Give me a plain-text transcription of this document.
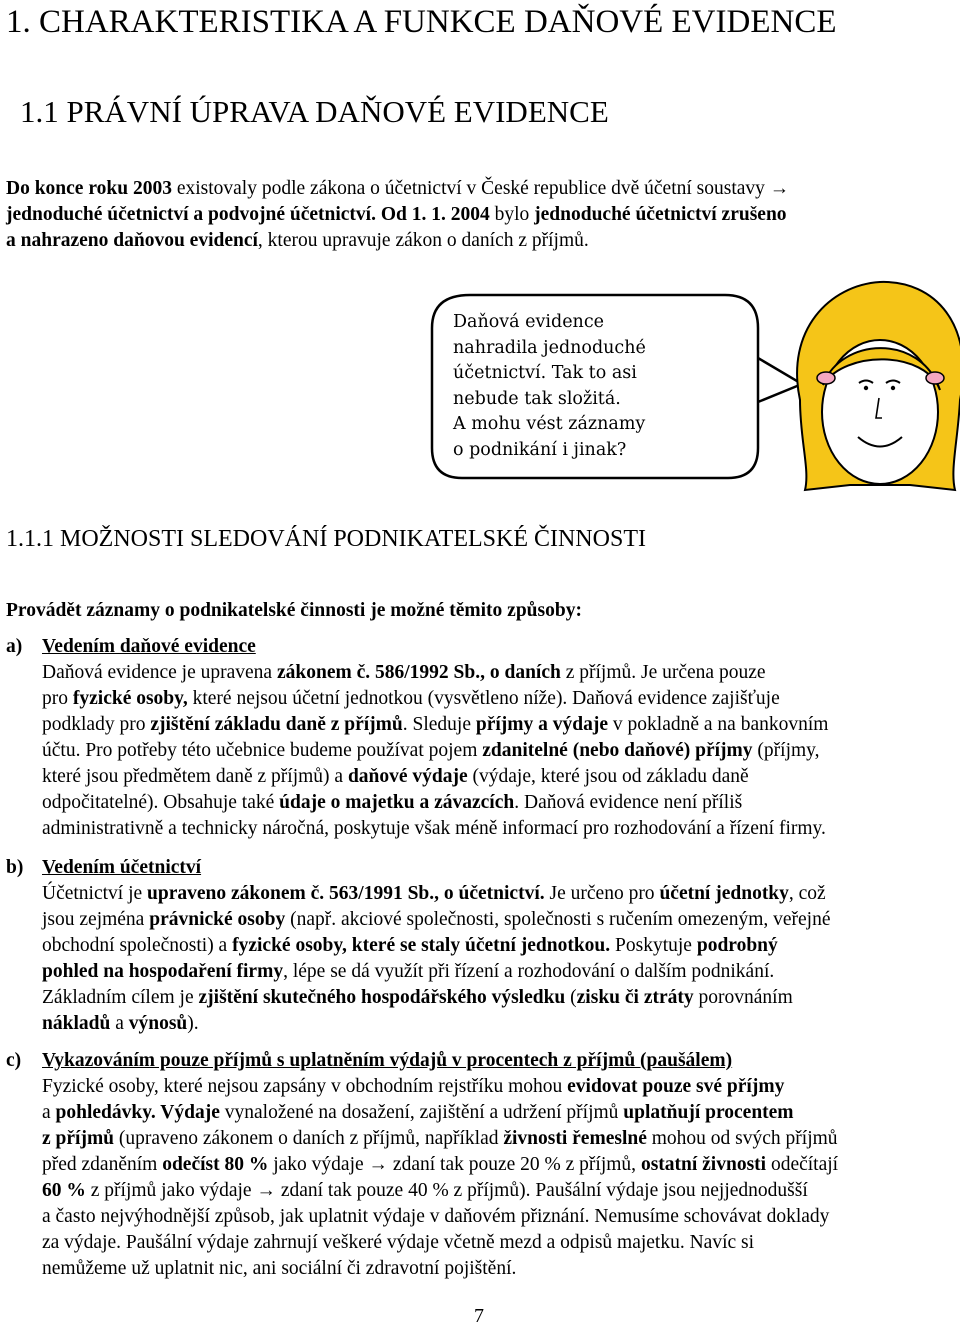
1. CHARAKTERISTIKA A FUNKCE DAŇOVÉ EVIDENCE
1.1 PRÁVNÍ ÚPRAVA DAŇOVÉ EVIDENCE
Do konce roku 2003 existovaly podle zákona o účetnictví v České republice dvě účetní soustavy →
jednoduché účetnictví a podvojné účetnictví. Od 1. 1. 2004 bylo jednoduché účetnictví zrušeno
a nahrazeno daňovou evidencí, kterou upravuje zákon o daních z příjmů.
Daňová evidence
nahradila jednoduché
účetnictví. Tak to asi
nebude tak složitá.
A mohu vést záznamy
o podnikání i jinak?
1.1.1 MOŽNOSTI SLEDOVÁNÍ PODNIKATELSKÉ ČINNOSTI
Provádět záznamy o podnikatelské činnosti je možné těmito způsoby:
a) Vedením daňové evidence
Daňová evidence je upravena zákonem č. 586/1992 Sb., o daních z příjmů. Je určena pouze
pro fyzické osoby, které nejsou účetní jednotkou (vysvětleno níže). Daňová evidence zajišťuje
podklady pro zjištění základu daně z příjmů. Sleduje příjmy a výdaje v pokladně a na bankovním
účtu. Pro potřeby této učebnice budeme používat pojem zdanitelné (nebo daňové) příjmy (příjmy,
které jsou předmětem daně z příjmů) a daňové výdaje (výdaje, které jsou od základu daně
odpočitatelné). Obsahuje také údaje o majetku a závazcích. Daňová evidence není příliš
administrativně a technicky náročná, poskytuje však méně informací pro rozhodování a řízení firmy.
b) Vedením účetnictví
Účetnictví je upraveno zákonem č. 563/1991 Sb., o účetnictví. Je určeno pro účetní jednotky, což
jsou zejména právnické osoby (např. akciové společnosti, společnosti s ručením omezeným, veřejné
obchodní společnosti) a fyzické osoby, které se staly účetní jednotkou. Poskytuje podrobný
pohled na hospodaření firmy, lépe se dá využít při řízení a rozhodování o dalším podnikání.
Základním cílem je zjištění skutečného hospodářského výsledku (zisku či ztráty porovnáním
nákladů a výnosů).
c) Vykazováním pouze příjmů s uplatněním výdajů v procentech z příjmů (paušálem)
Fyzické osoby, které nejsou zapsány v obchodním rejstříku mohou evidovat pouze své příjmy
a pohledávky. Výdaje vynaložené na dosažení, zajištění a udržení příjmů uplatňují procentem
z příjmů (upraveno zákonem o daních z příjmů, například živnosti řemeslné mohou od svých příjmů
před zdaněním odečíst 80 % jako výdaje → zdaní tak pouze 20 % z příjmů, ostatní živnosti odečítají
60 % z příjmů jako výdaje → zdaní tak pouze 40 % z příjmů). Paušální výdaje jsou nejjednodušší
a často nejvýhodnější způsob, jak uplatnit výdaje v daňovém přiznání. Nemusíme schovávat doklady
za výdaje. Paušální výdaje zahrnují veškeré výdaje včetně mezd a odpisů majetku. Navíc si
nemůžeme už uplatnit nic, ani sociální či zdravotní pojištění.
7
